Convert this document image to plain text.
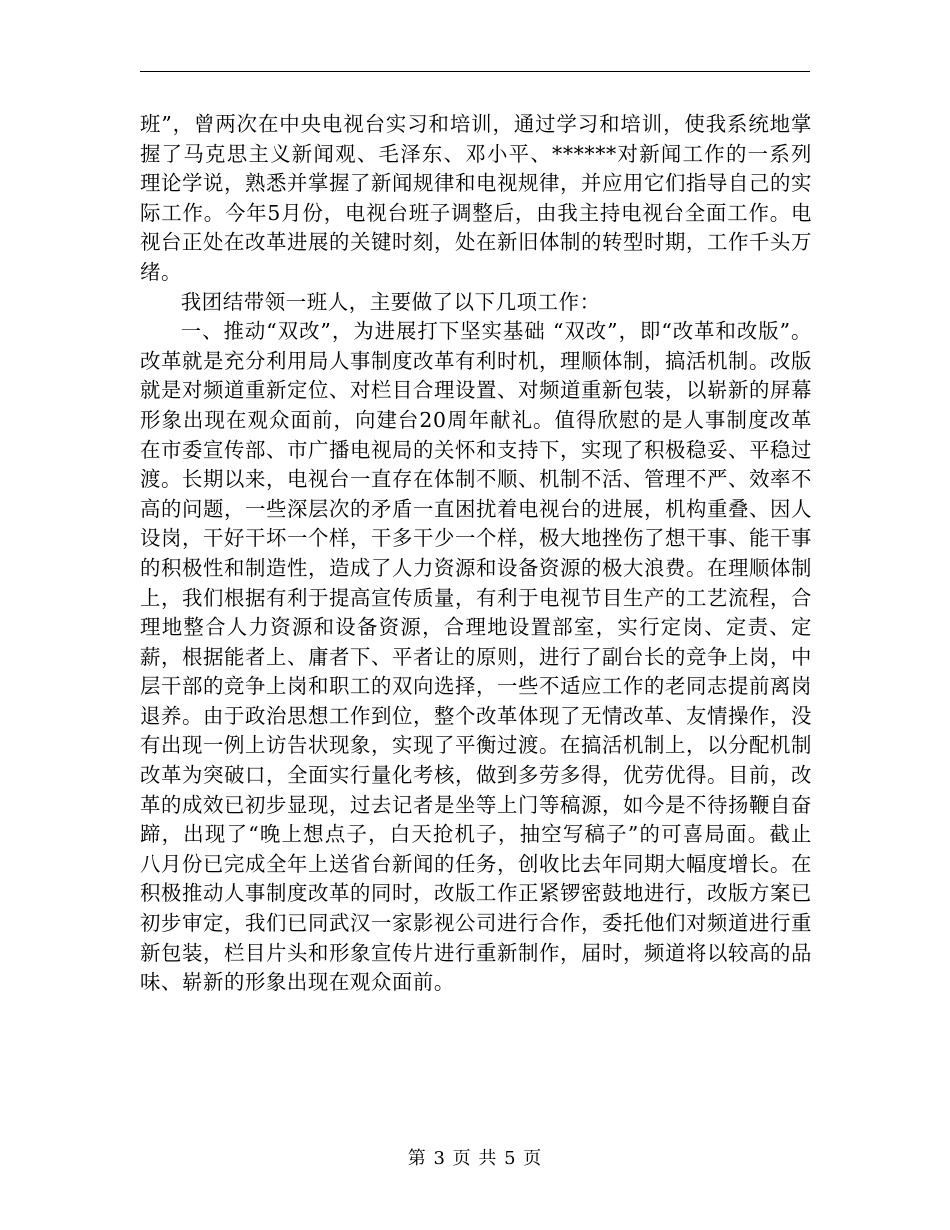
班”，曾两次在中央电视台实习和培训，通过学习和培训，使我系统地掌握了马克思主义新闻观、毛泽东、邓小平、******对新闻工作的一系列理论学说，熟悉并掌握了新闻规律和电视规律，并应用它们指导自己的实际工作。今年5月份，电视台班子调整后，由我主持电视台全面工作。电视台正处在改革进展的关键时刻，处在新旧体制的转型时期，工作千头万绪。

我团结带领一班人，主要做了以下几项工作：

一、推动“双改”，为进展打下坚实基础 “双改”，即“改革和改版”。改革就是充分利用局人事制度改革有利时机，理顺体制，搞活机制。改版就是对频道重新定位、对栏目合理设置、对频道重新包装，以崭新的屏幕形象出现在观众面前，向建台20周年献礼。值得欣慰的是人事制度改革在市委宣传部、市广播电视局的关怀和支持下，实现了积极稳妥、平稳过渡。长期以来，电视台一直存在体制不顺、机制不活、管理不严、效率不高的问题，一些深层次的矛盾一直困扰着电视台的进展，机构重叠、因人设岗，干好干坏一个样，干多干少一个样，极大地挫伤了想干事、能干事的积极性和制造性，造成了人力资源和设备资源的极大浪费。在理顺体制上，我们根据有利于提高宣传质量，有利于电视节目生产的工艺流程，合理地整合人力资源和设备资源，合理地设置部室，实行定岗、定责、定薪，根据能者上、庸者下、平者让的原则，进行了副台长的竞争上岗，中层干部的竞争上岗和职工的双向选择，一些不适应工作的老同志提前离岗退养。由于政治思想工作到位，整个改革体现了无情改革、友情操作，没有出现一例上访告状现象，实现了平衡过渡。在搞活机制上，以分配机制改革为突破口，全面实行量化考核，做到多劳多得，优劳优得。目前，改革的成效已初步显现，过去记者是坐等上门等稿源，如今是不待扬鞭自奋蹄，出现了“晚上想点子，白天抢机子，抽空写稿子”的可喜局面。截止八月份已完成全年上送省台新闻的任务，创收比去年同期大幅度增长。在积极推动人事制度改革的同时，改版工作正紧锣密鼓地进行，改版方案已初步审定，我们已同武汉一家影视公司进行合作，委托他们对频道进行重新包装，栏目片头和形象宣传片进行重新制作，届时，频道将以较高的品味、崭新的形象出现在观众面前。

第 3 页 共 5 页
